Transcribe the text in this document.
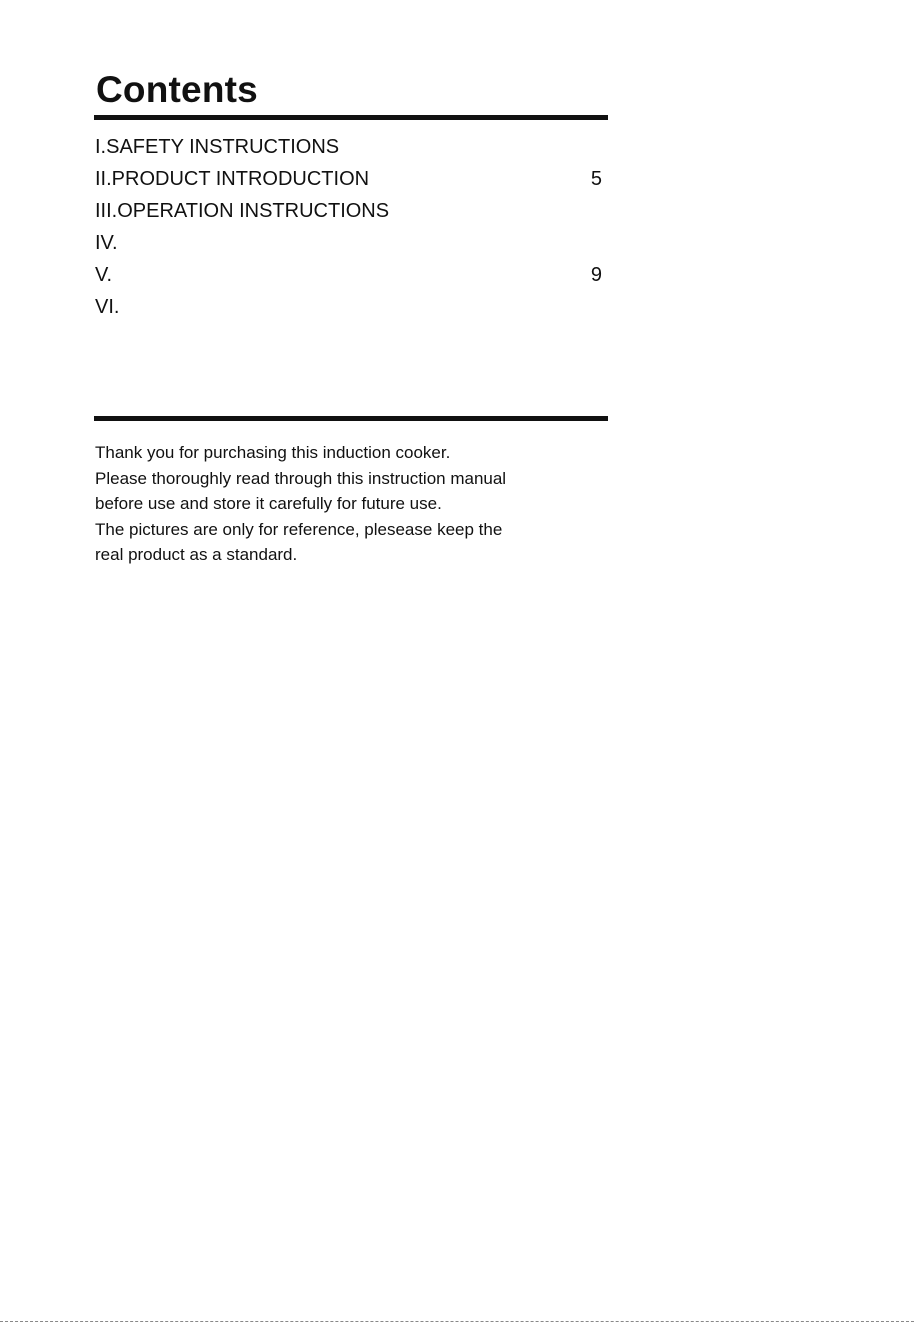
Contents
I.SAFETY INSTRUCTIONS
II.PRODUCT INTRODUCTION	5
III.OPERATION INSTRUCTIONS
IV.
V.	9
VI.

Thank you for purchasing this induction cooker.
Please thoroughly read through this instruction manual
before use and store it carefully for future use.
The pictures are only for reference, plesease keep the
real product as a standard.
